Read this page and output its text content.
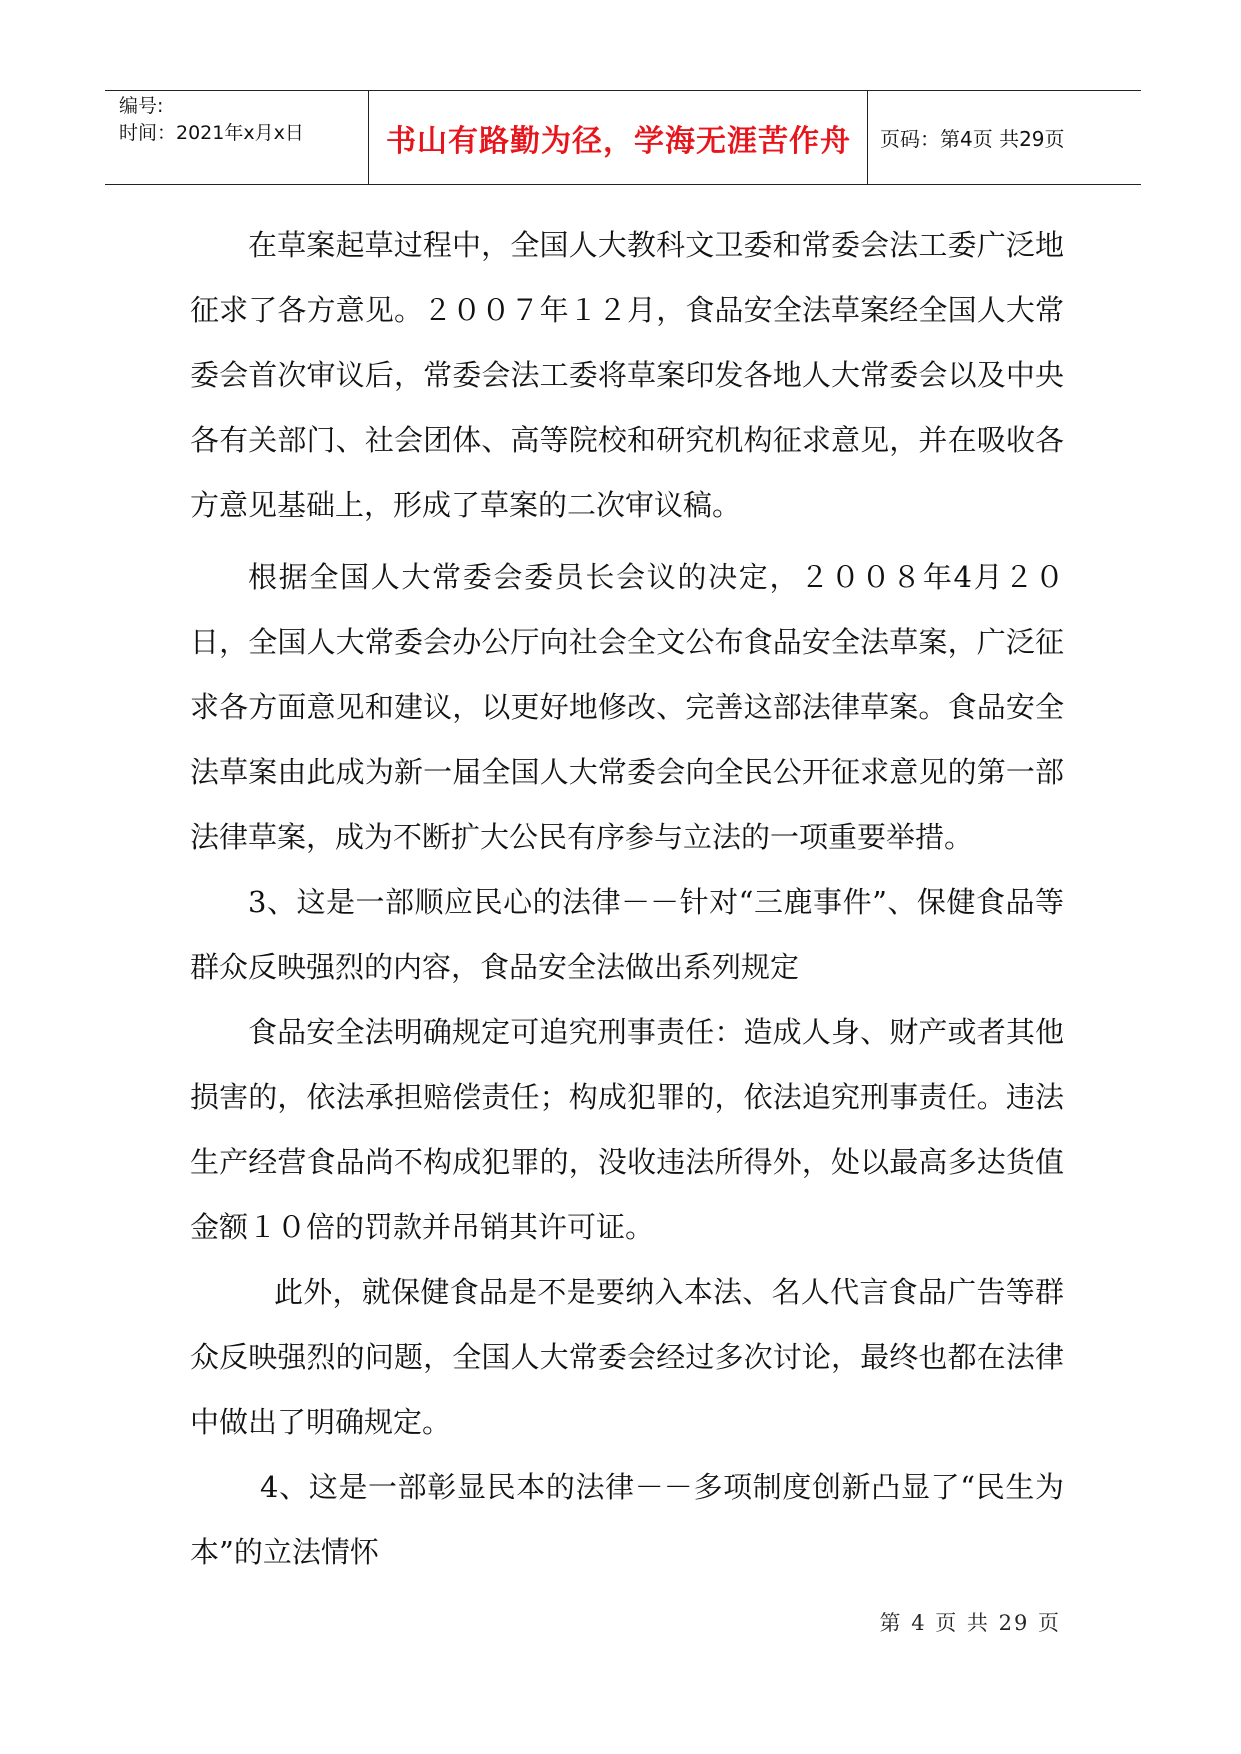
编号:
时间：2021年x月x日	书山有路勤为径，学海无涯苦作舟	页码：第4页 共29页

在草案起草过程中，全国人大教科文卫委和常委会法工委广泛地征求了各方意见。２００７年１２月，食品安全法草案经全国人大常委会首次审议后，常委会法工委将草案印发各地人大常委会以及中央各有关部门、社会团体、高等院校和研究机构征求意见，并在吸收各方意见基础上，形成了草案的二次审议稿。

根据全国人大常委会委员长会议的决定，２００８年4月２０日，全国人大常委会办公厅向社会全文公布食品安全法草案，广泛征求各方面意见和建议，以更好地修改、完善这部法律草案。食品安全法草案由此成为新一届全国人大常委会向全民公开征求意见的第一部法律草案，成为不断扩大公民有序参与立法的一项重要举措。

3、这是一部顺应民心的法律－－针对“三鹿事件”、保健食品等群众反映强烈的内容，食品安全法做出系列规定

食品安全法明确规定可追究刑事责任：造成人身、财产或者其他损害的，依法承担赔偿责任；构成犯罪的，依法追究刑事责任。违法生产经营食品尚不构成犯罪的，没收违法所得外，处以最高多达货值金额１０倍的罚款并吊销其许可证。

此外，就保健食品是不是要纳入本法、名人代言食品广告等群众反映强烈的问题，全国人大常委会经过多次讨论，最终也都在法律中做出了明确规定。

4、这是一部彰显民本的法律－－多项制度创新凸显了“民生为本”的立法情怀

第 4 页 共 29 页
